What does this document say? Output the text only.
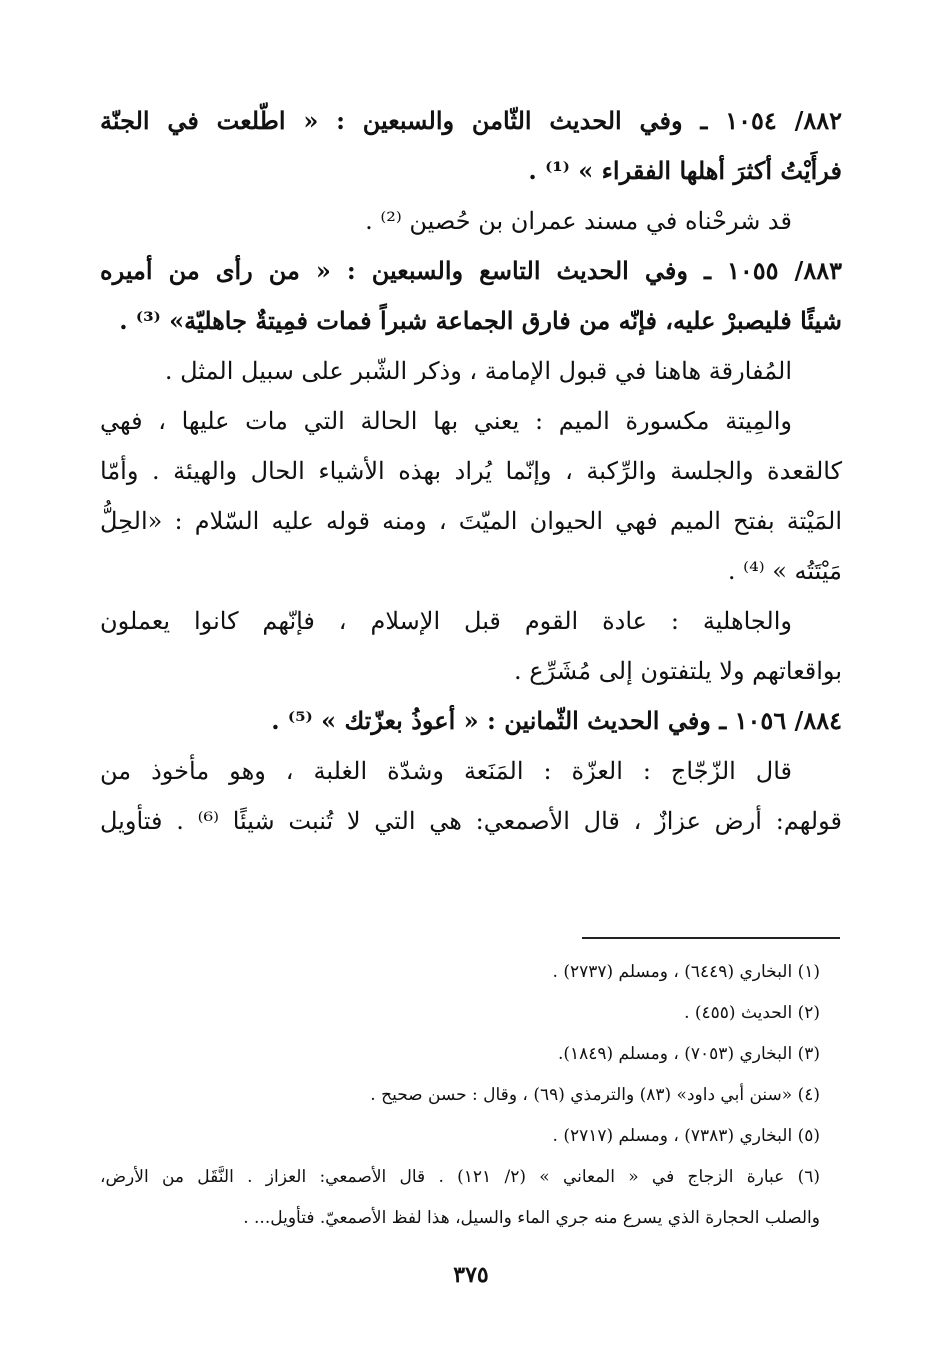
٨٨٢/ ١٠٥٤ ـ وفي الحديث الثّامن والسبعين : « اطّلعت في الجنّة
فرأَيْتُ أكثرَ أهلها الفقراء » ⁽¹⁾ .
قد شرحْناه في مسند عمران بن حُصين ⁽²⁾ .
٨٨٣/ ١٠٥٥ ـ وفي الحديث التاسع والسبعين : « من رأى من أميره
شيئًا فليصبرْ عليه، فإنّه من فارق الجماعة شبراً فمات فمِيتةٌ جاهليّة» ⁽³⁾ .
المُفارقة هاهنا في قبول الإمامة ، وذكر الشّبر على سبيل المثل .
والمِيتة مكسورة الميم : يعني بها الحالة التي مات عليها ، فهي
كالقعدة والجلسة والرِّكبة ، وإنّما يُراد بهذه الأشياء الحال والهيئة . وأمّا
المَيْتة بفتح الميم فهي الحيوان الميّتَ ، ومنه قوله عليه السّلام : «الحِلُّ
مَيْتَتُه » ⁽⁴⁾ .
والجاهلية : عادة القوم قبل الإسلام ، فإنّهم كانوا يعملون
بواقعاتهم ولا يلتفتون إلى مُشَرِّع .
٨٨٤/ ١٠٥٦ ـ وفي الحديث الثّمانين : « أعوذُ بعزّتك » ⁽⁵⁾ .
قال الزّجّاج : العزّة : المَنَعة وشدّة الغلبة ، وهو مأخوذ من
قولهم: أرض عزازٌ ، قال الأصمعي: هي التي لا تُنبت شيئًا ⁽⁶⁾ . فتأويل
(١) البخاري (٦٤٤٩) ، ومسلم (٢٧٣٧) .
(٢) الحديث (٤٥٥) .
(٣) البخاري (٧٠٥٣) ، ومسلم (١٨٤٩).
(٤) «سنن أبي داود» (٨٣) والترمذي (٦٩) ، وقال : حسن صحيح .
(٥) البخاري (٧٣٨٣) ، ومسلم (٢٧١٧) .
(٦) عبارة الزجاج في « المعاني » (٢/ ١٢١) . قال الأصمعي: العزاز . النَّقَل من الأرض،
والصلب الحجارة الذي يسرع منه جري الماء والسيل، هذا لفظ الأصمعيّ. فتأويل... .
٣٧٥
